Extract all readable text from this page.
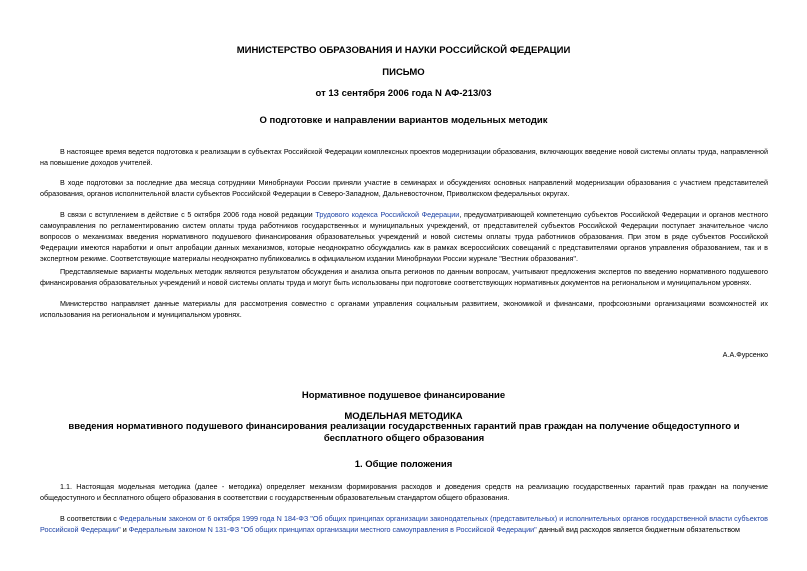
МИНИСТЕРСТВО ОБРАЗОВАНИЯ И НАУКИ РОССИЙСКОЙ ФЕДЕРАЦИИ
ПИСЬМО
от 13 сентября 2006 года N АФ-213/03
О подготовке и направлении вариантов модельных методик

В настоящее время ведется подготовка к реализации в субъектах Российской Федерации комплексных проектов модернизации образования, включающих введение новой системы оплаты труда, направленной на повышение доходов учителей.

В ходе подготовки за последние два месяца сотрудники Минобрнауки России приняли участие в семинарах и обсуждениях основных направлений модернизации образования с участием представителей образования, органов исполнительной власти субъектов Российской Федерации в Северо-Западном, Дальневосточном, Приволжском федеральных округах.

В связи с вступлением в действие с 5 октября 2006 года новой редакции Трудового кодекса Российской Федерации, предусматривающей компетенцию субъектов Российской Федерации и органов местного самоуправления по регламентированию систем оплаты труда работников государственных и муниципальных учреждений, от представителей субъектов Российской Федерации поступает значительное число вопросов о механизмах введения нормативного подушевого финансирования образовательных учреждений и новой системы оплаты труда работников образования. При этом в ряде субъектов Российской Федерации имеются наработки и опыт апробации данных механизмов, которые неоднократно обсуждались как в рамках всероссийских совещаний с представителями органов управления образованием, так и в экспертном режиме. Соответствующие материалы неоднократно публиковались в официальном издании Минобрнауки России журнале "Вестник образования".

Представляемые варианты модельных методик являются результатом обсуждения и анализа опыта регионов по данным вопросам, учитывают предложения экспертов по введению нормативного подушевого финансирования образовательных учреждений и новой системы оплаты труда и могут быть использованы при подготовке соответствующих нормативных документов на региональном и муниципальном уровнях.

Министерство направляет данные материалы для рассмотрения совместно с органами управления социальным развитием, экономикой и финансами, профсоюзными организациями возможностей их использования на региональном и муниципальном уровнях.

А.А.Фурсенко
Нормативное подушевое финансирование
МОДЕЛЬНАЯ МЕТОДИКА
введения нормативного подушевого финансирования реализации государственных гарантий прав граждан на получение общедоступного и бесплатного общего образования
1. Общие положения

1.1. Настоящая модельная методика (далее - методика) определяет механизм формирования расходов и доведения средств на реализацию государственных гарантий прав граждан на получение общедоступного и бесплатного общего образования в соответствии с государственным образовательным стандартом общего образования.

В соответствии с Федеральным законом от 6 октября 1999 года N 184-ФЗ "Об общих принципах организации законодательных (представительных) и исполнительных органов государственной власти субъектов Российской Федерации" и Федеральным законом N 131-ФЗ "Об общих принципах организации местного самоуправления в Российской Федерации" данный вид расходов является бюджетным обязательством
